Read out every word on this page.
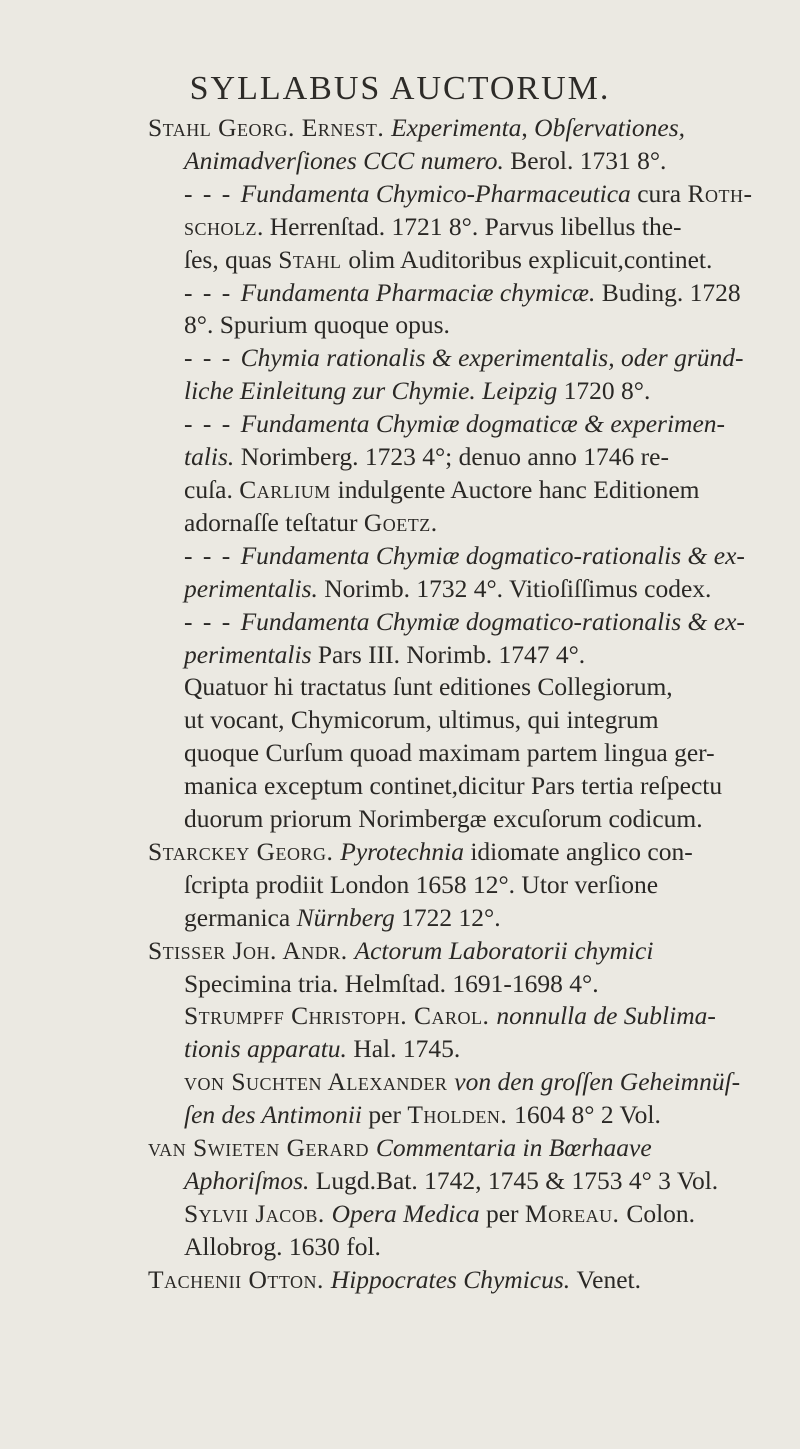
SYLLABUS AUCTORUM.
Stahl Georg. Ernest. Experimenta, Obſervationes,
Animadverſiones CCC numero. Berol. 1731 8°.
- - - Fundamenta Chymico-Pharmaceutica cura Roth-
scholz. Herrenſtad. 1721 8°. Parvus libellus the-
ſes, quas Stahl olim Auditoribus explicuit,continet.
- - - Fundamenta Pharmaciæ chymicæ. Buding. 1728
8°. Spurium quoque opus.
- - - Chymia rationalis & experimentalis, oder gründ-
liche Einleitung zur Chymie. Leipzig 1720 8°.
- - - Fundamenta Chymiæ dogmaticæ & experimen-
talis. Norimberg. 1723 4°; denuo anno 1746 re-
cuſa. Carlium indulgente Auctore hanc Editionem
adornaſſe teſtatur Goetz.
- - - Fundamenta Chymiæ dogmatico-rationalis & ex-
perimentalis. Norimb. 1732 4°. Vitioſiſſimus codex.
- - - Fundamenta Chymiæ dogmatico-rationalis & ex-
perimentalis Pars III. Norimb. 1747 4°.
Quatuor hi tractatus ſunt editiones Collegiorum,
ut vocant, Chymicorum, ultimus, qui integrum
quoque Curſum quoad maximam partem lingua ger-
manica exceptum continet,dicitur Pars tertia reſpectu
duorum priorum Norimbergæ excuſorum codicum.
Starckey Georg. Pyrotechnia idiomate anglico con-
ſcripta prodiit London 1658 12°. Utor verſione
germanica Nürnberg 1722 12°.
Stisser Joh. Andr. Actorum Laboratorii chymici
Specimina tria. Helmſtad. 1691-1698 4°.
Strumpff Christoph. Carol. nonnulla de Sublima-
tionis apparatu. Hal. 1745.
von Suchten Alexander von den groſſen Geheimnüſ-
ſen des Antimonii per Tholden. 1604 8° 2 Vol.
van Swieten Gerard Commentaria in Bœrhaave
Aphoriſmos. Lugd.Bat. 1742, 1745 & 1753 4° 3 Vol.
Sylvii Jacob. Opera Medica per Moreau. Colon.
Allobrog. 1630 fol.
Tachenii Otton. Hippocrates Chymicus. Venet.
